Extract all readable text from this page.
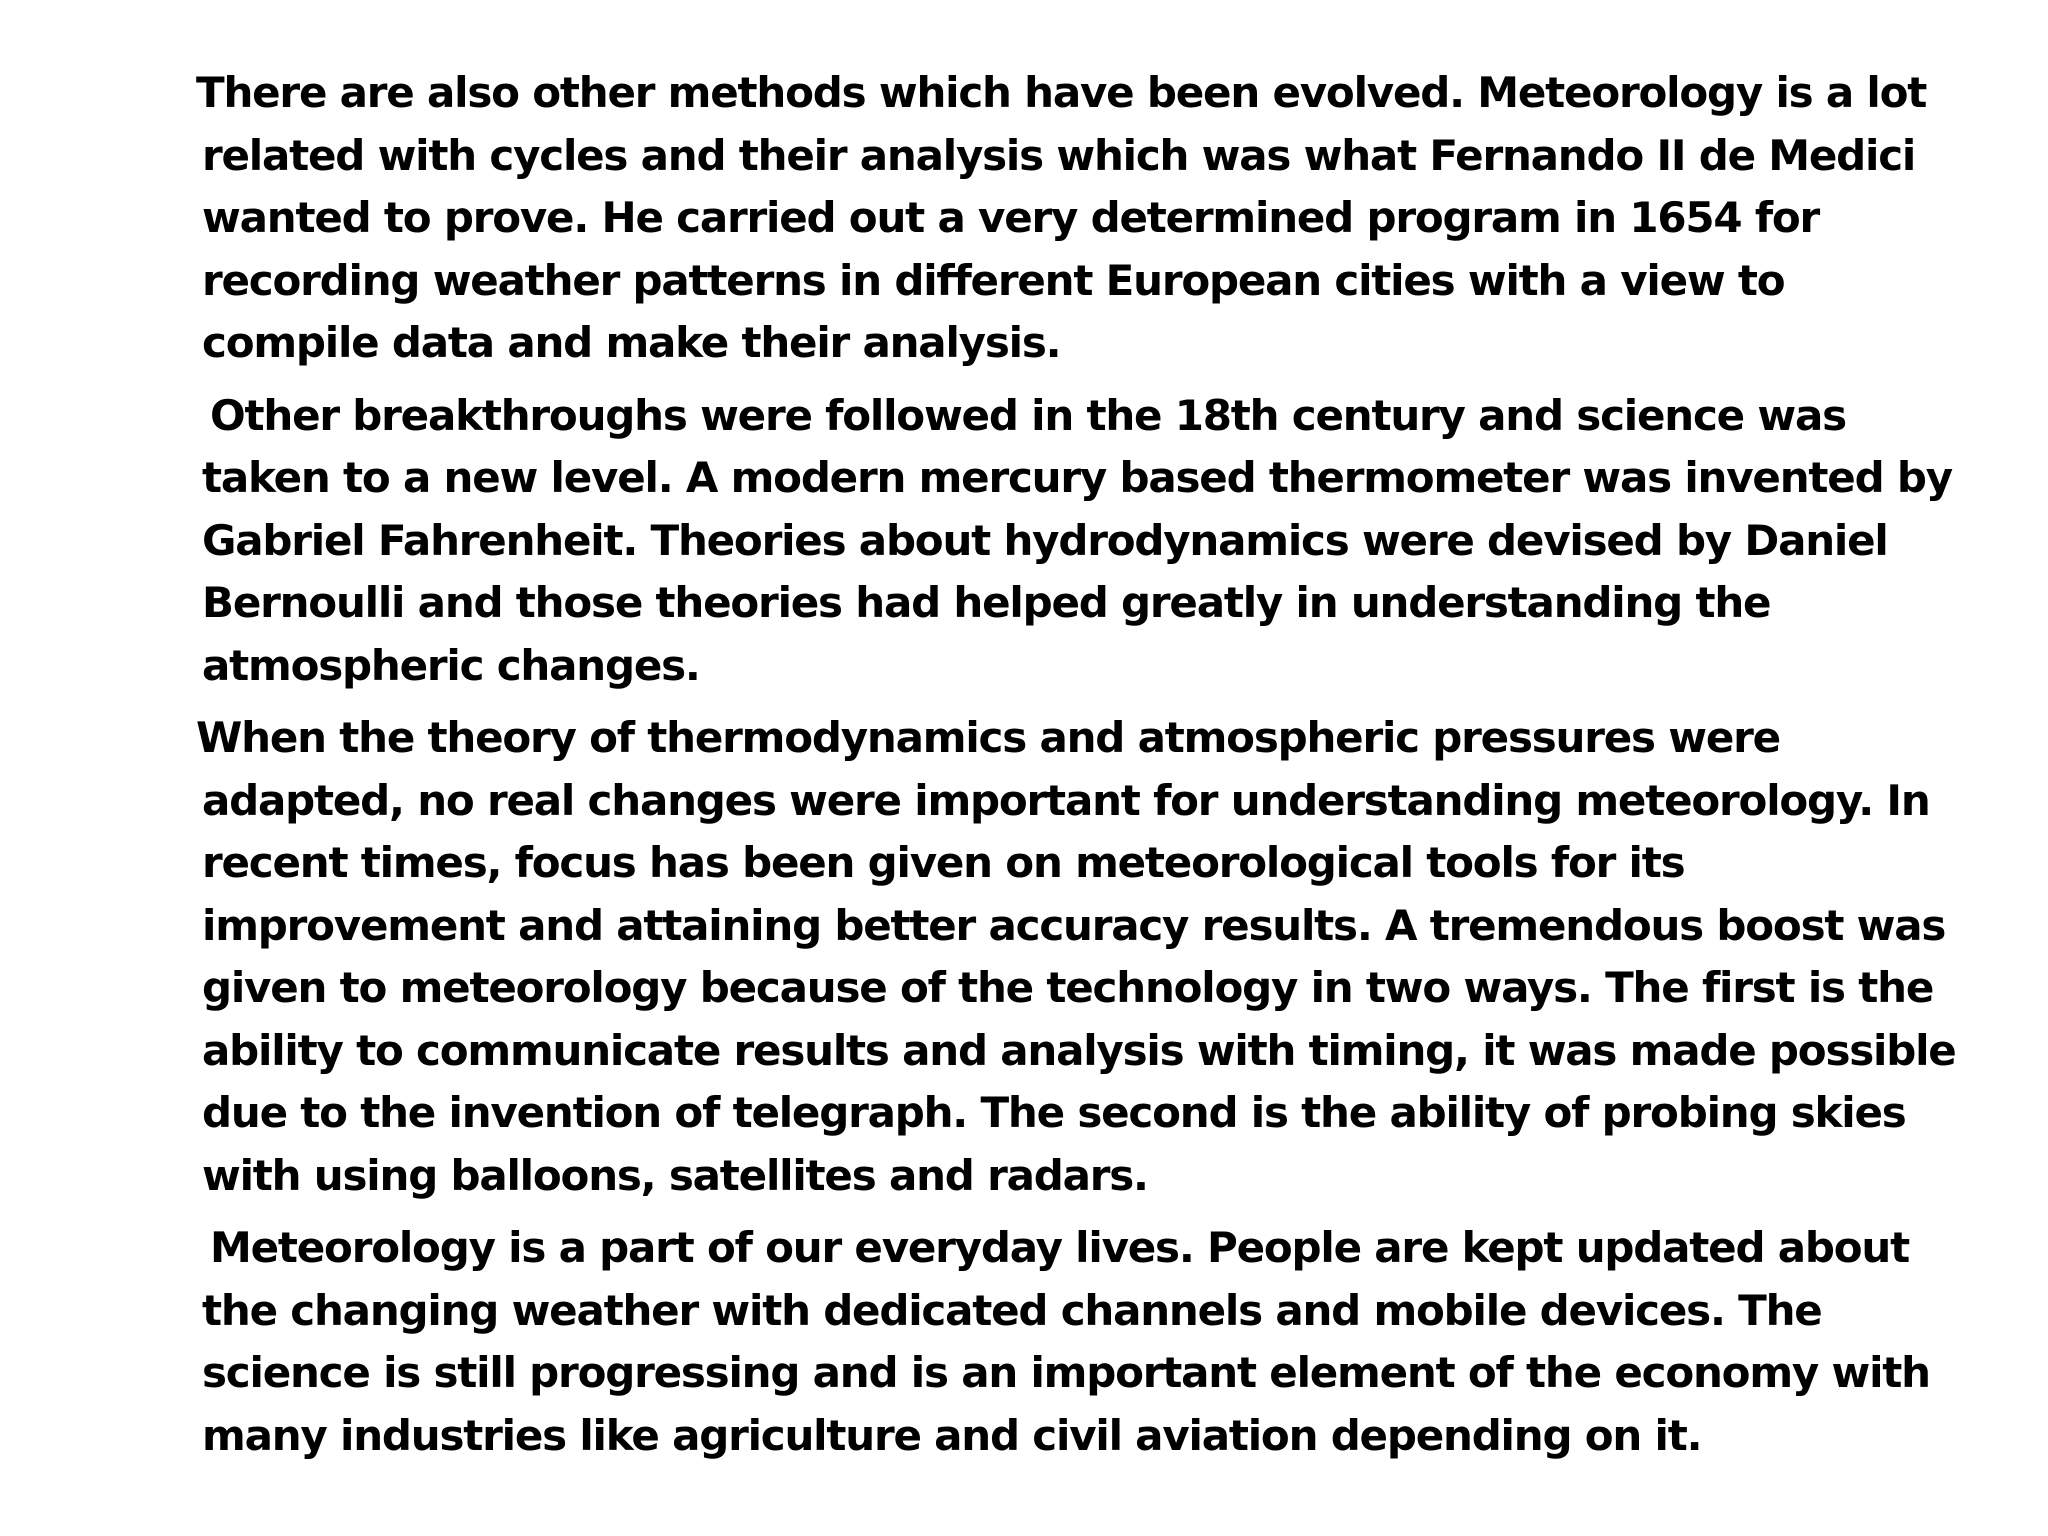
There are also other methods which have been evolved. Meteorology is a lot
related with cycles and their analysis which was what Fernando II de Medici
wanted to prove. He carried out a very determined program in 1654 for
recording weather patterns in different European cities with a view to
compile data and make their analysis.

Other breakthroughs were followed in the 18th century and science was
taken to a new level. A modern mercury based thermometer was invented by
Gabriel Fahrenheit. Theories about hydrodynamics were devised by Daniel
Bernoulli and those theories had helped greatly in understanding the
atmospheric changes.

When the theory of thermodynamics and atmospheric pressures were
adapted, no real changes were important for understanding meteorology. In
recent times, focus has been given on meteorological tools for its
improvement and attaining better accuracy results. A tremendous boost was
given to meteorology because of the technology in two ways. The first is the
ability to communicate results and analysis with timing, it was made possible
due to the invention of telegraph. The second is the ability of probing skies
with using balloons, satellites and radars.

Meteorology is a part of our everyday lives. People are kept updated about
the changing weather with dedicated channels and mobile devices. The
science is still progressing and is an important element of the economy with
many industries like agriculture and civil aviation depending on it.
